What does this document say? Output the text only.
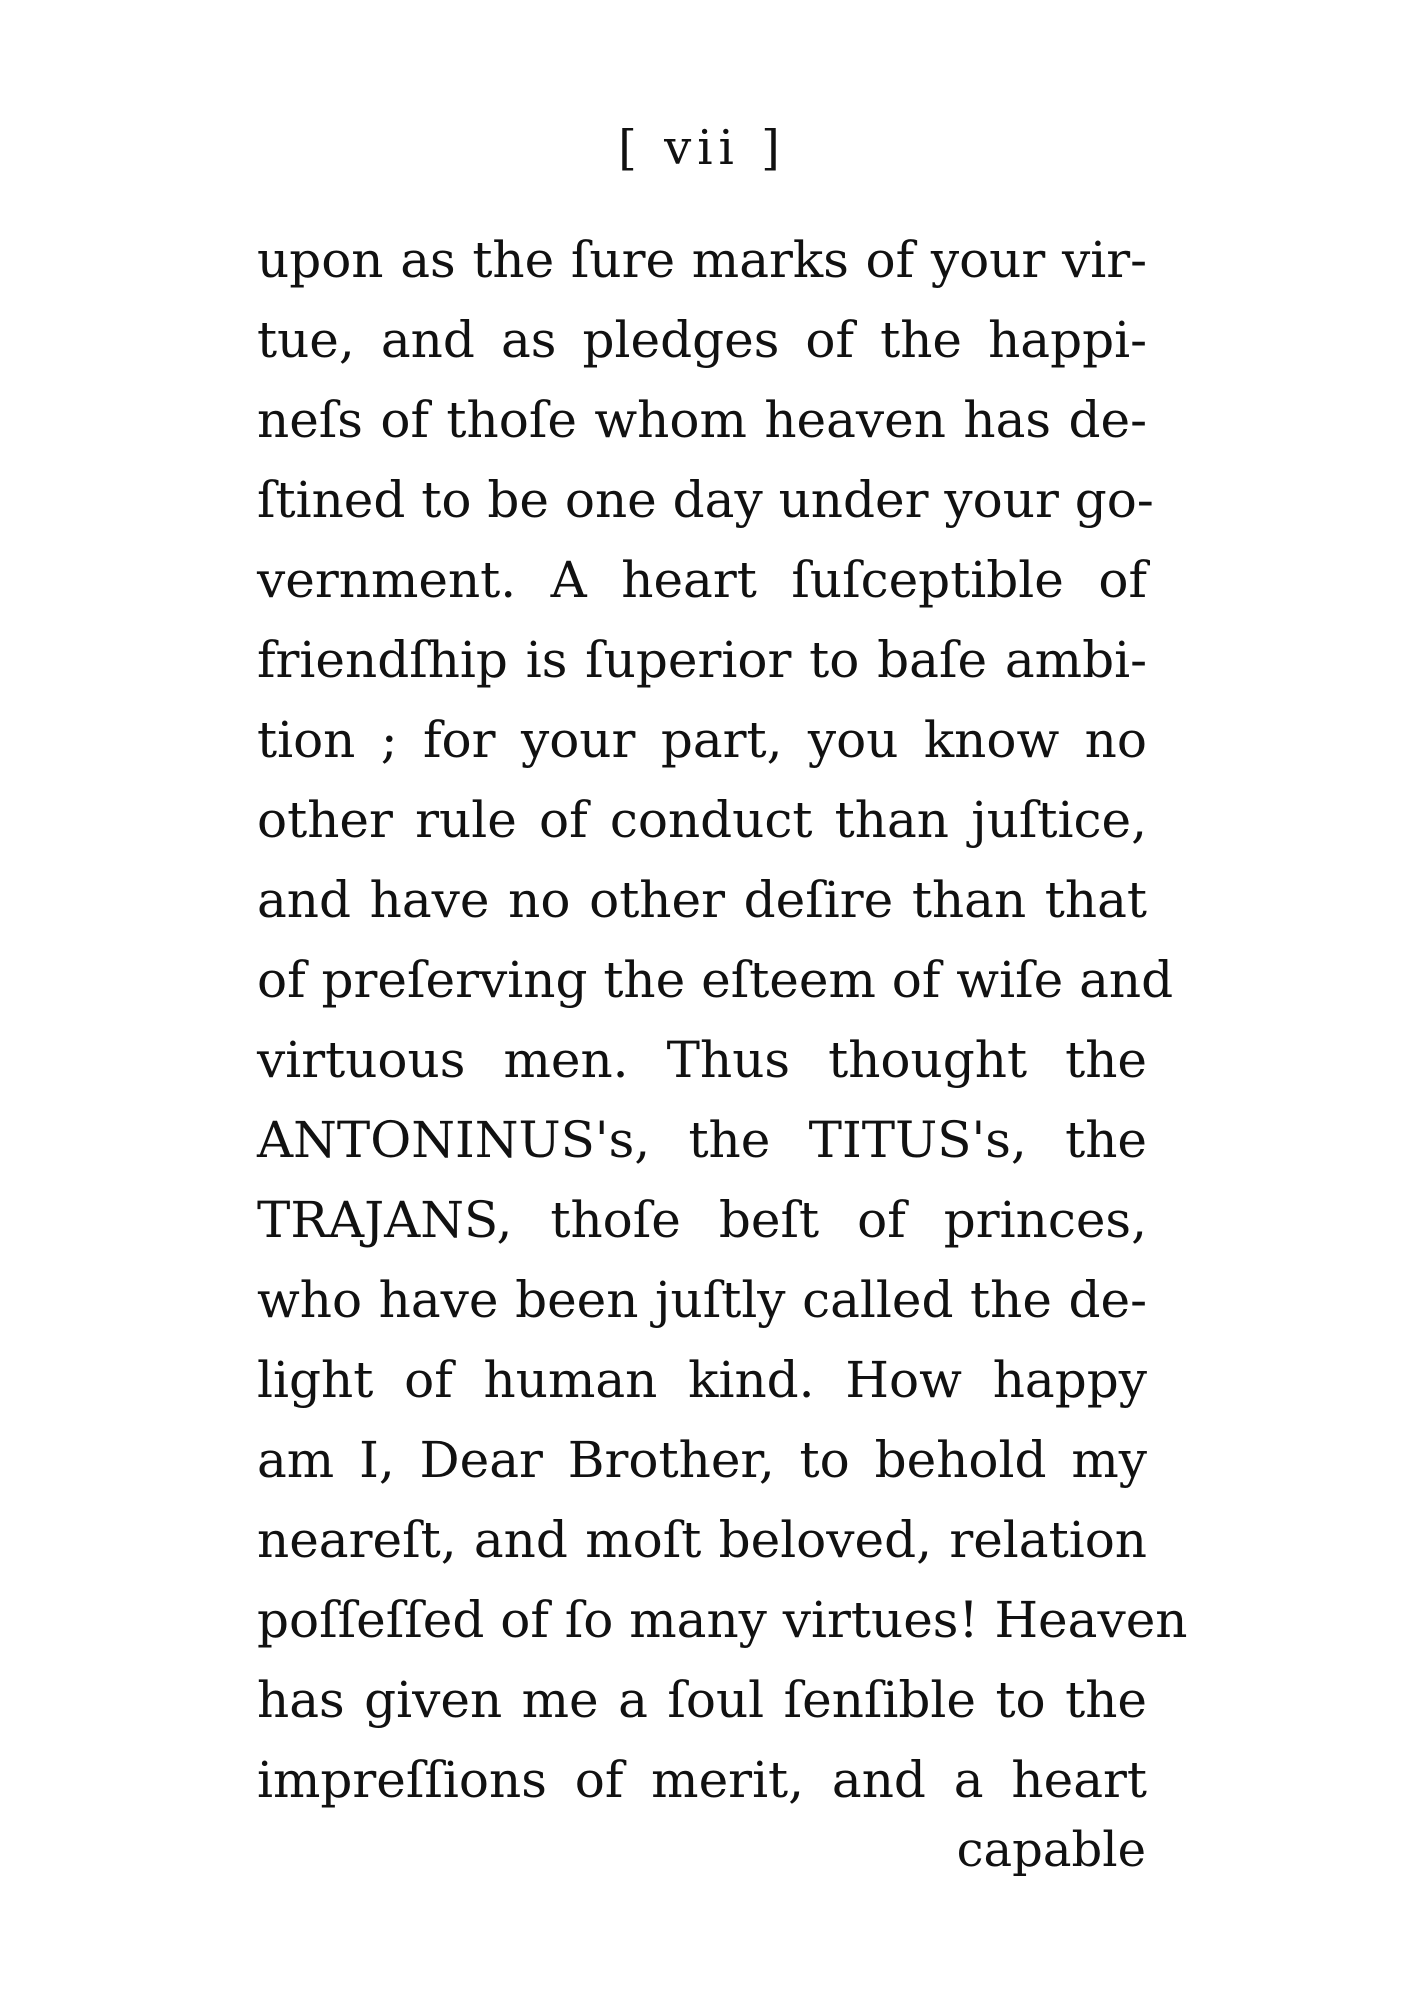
[ vii ]
upon as the ſure marks of your vir-
tue, and as pledges of the happi-
neſs of thoſe whom heaven has de-
ſtined to be one day under your go-
vernment. A heart ſuſceptible of
friendſhip is ſuperior to baſe ambi-
tion ; for your part, you know no
other rule of conduct than juſtice,
and have no other deſire than that
of preſerving the eſteem of wiſe and
virtuous men. Thus thought the
ANTONINUS's, the TITUS's, the
TRAJANS, thoſe beſt of princes,
who have been juſtly called the de-
light of human kind. How happy
am I, Dear Brother, to behold my
neareſt, and moſt beloved, relation
poſſeſſed of ſo many virtues! Heaven
has given me a ſoul ſenſible to the
impreſſions of merit, and a heart
capable
